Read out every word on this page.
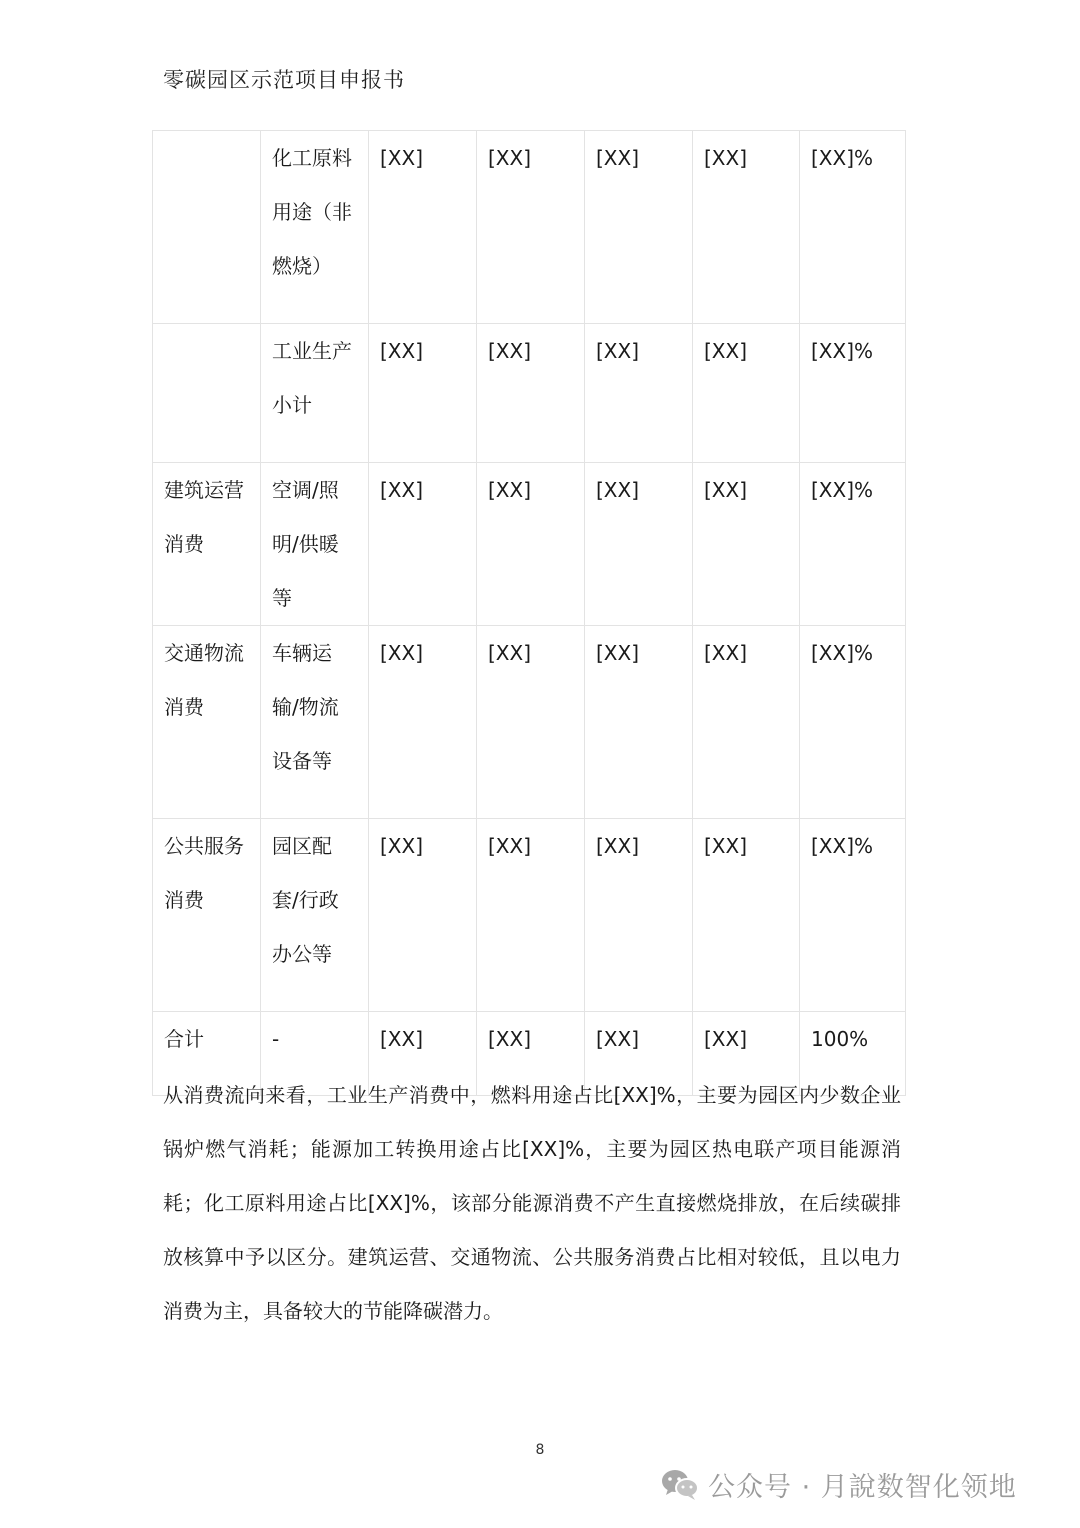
零碳园区示范项目申报书

	化工原料用途（非燃烧）	[XX]	[XX]	[XX]	[XX]	[XX]%

	工业生产小计	[XX]	[XX]	[XX]	[XX]	[XX]%

建筑运营消费	空调/照明/供暖等	[XX]	[XX]	[XX]	[XX]	[XX]%

交通物流消费	车辆运输/物流设备等	[XX]	[XX]	[XX]	[XX]	[XX]%

公共服务消费	园区配套/行政办公等	[XX]	[XX]	[XX]	[XX]	[XX]%

合计	-	[XX]	[XX]	[XX]	[XX]	100%
从消费流向来看，工业生产消费中，燃料用途占比[XX]%，主要为园区内少数企业锅炉燃气消耗；能源加工转换用途占比[XX]%，主要为园区热电联产项目能源消耗；化工原料用途占比[XX]%，该部分能源消费不产生直接燃烧排放，在后续碳排放核算中予以区分。建筑运营、交通物流、公共服务消费占比相对较低，且以电力消费为主，具备较大的节能降碳潜力。
8
公众号 · 月說数智化领地
